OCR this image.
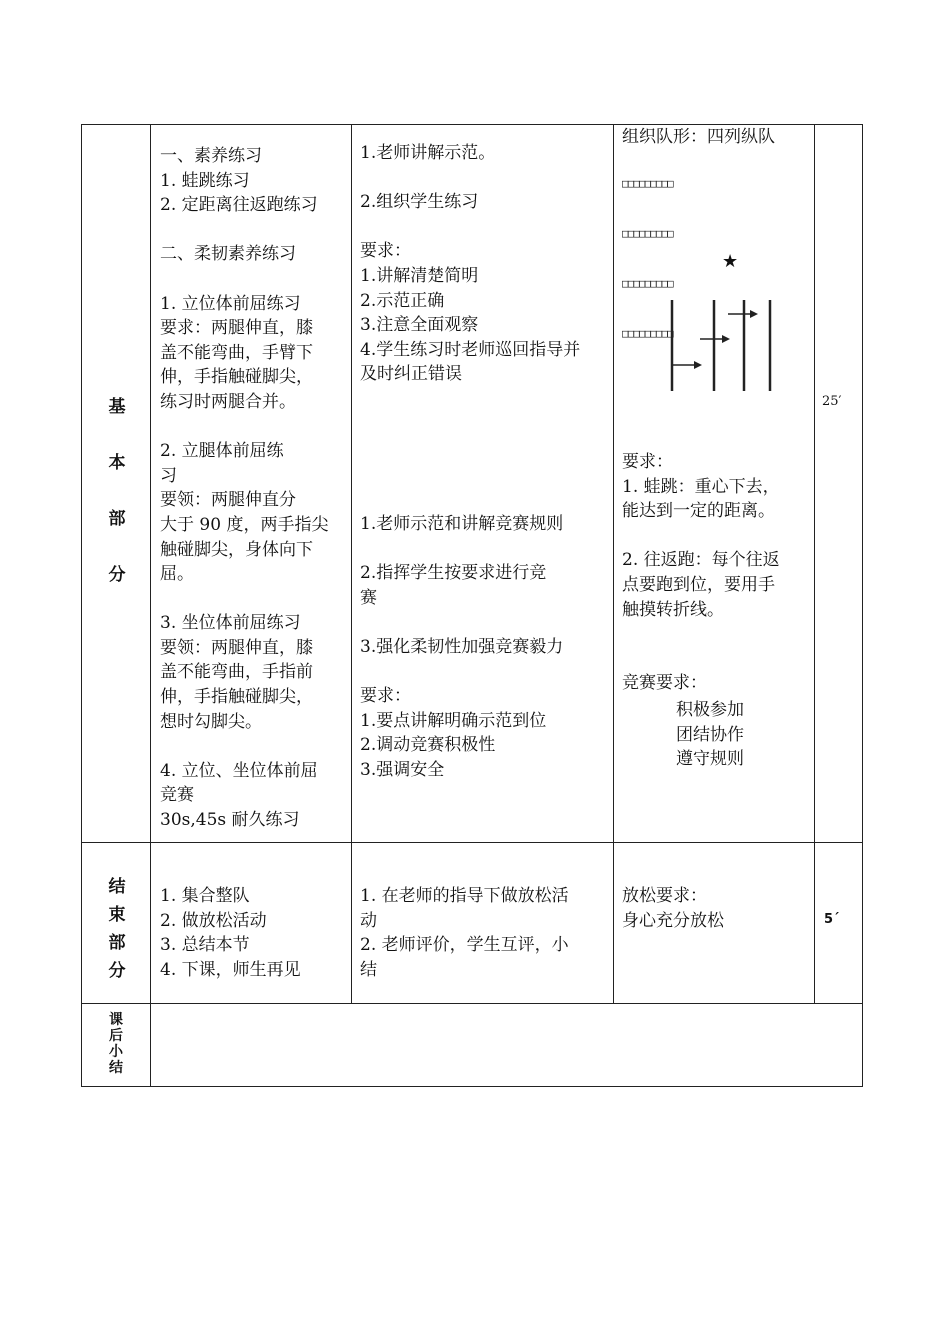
基
本
部
分
一、素养练习
1. 蛙跳练习
2. 定距离往返跑练习

二、柔韧素养练习

1. 立位体前屈练习
要求：两腿伸直，膝
盖不能弯曲，手臂下
伸，手指触碰脚尖，
练习时两腿合并。

2. 立腿体前屈练
习
要领：两腿伸直分
大于 90 度，两手指尖
触碰脚尖，身体向下
屈。

3. 坐位体前屈练习
要领：两腿伸直，膝
盖不能弯曲，手指前
伸，手指触碰脚尖，
想时勾脚尖。

4. 立位、坐位体前屈
竞赛
30s,45s 耐久练习
1.老师讲解示范。

2.组织学生练习

要求：
1.讲解清楚简明
2.示范正确
3.注意全面观察
4.学生练习时老师巡回指导并
及时纠正错误
1.老师示范和讲解竞赛规则

2.指挥学生按要求进行竞
赛

3.强化柔韧性加强竞赛毅力

要求：
1.要点讲解明确示范到位
2.调动竞赛积极性
3.强调安全
组织队形：四列纵队

□□□□□□□□□

□□□□□□□□□

□□□□□□□□□

□□□□□□□□□

★
要求：
1. 蛙跳：重心下去，
能达到一定的距离。

2. 往返跑：每个往返
点要跑到位，要用手
触摸转折线。

竞赛要求：
积极参加
团结协作
遵守规则
25′
结
束
部
分
1. 集合整队
2. 做放松活动
3. 总结本节
4. 下课，师生再见
1. 在老师的指导下做放松活
动
2. 老师评价，学生互评，小
结
放松要求：
身心充分放松	5´
课
后
小
结
